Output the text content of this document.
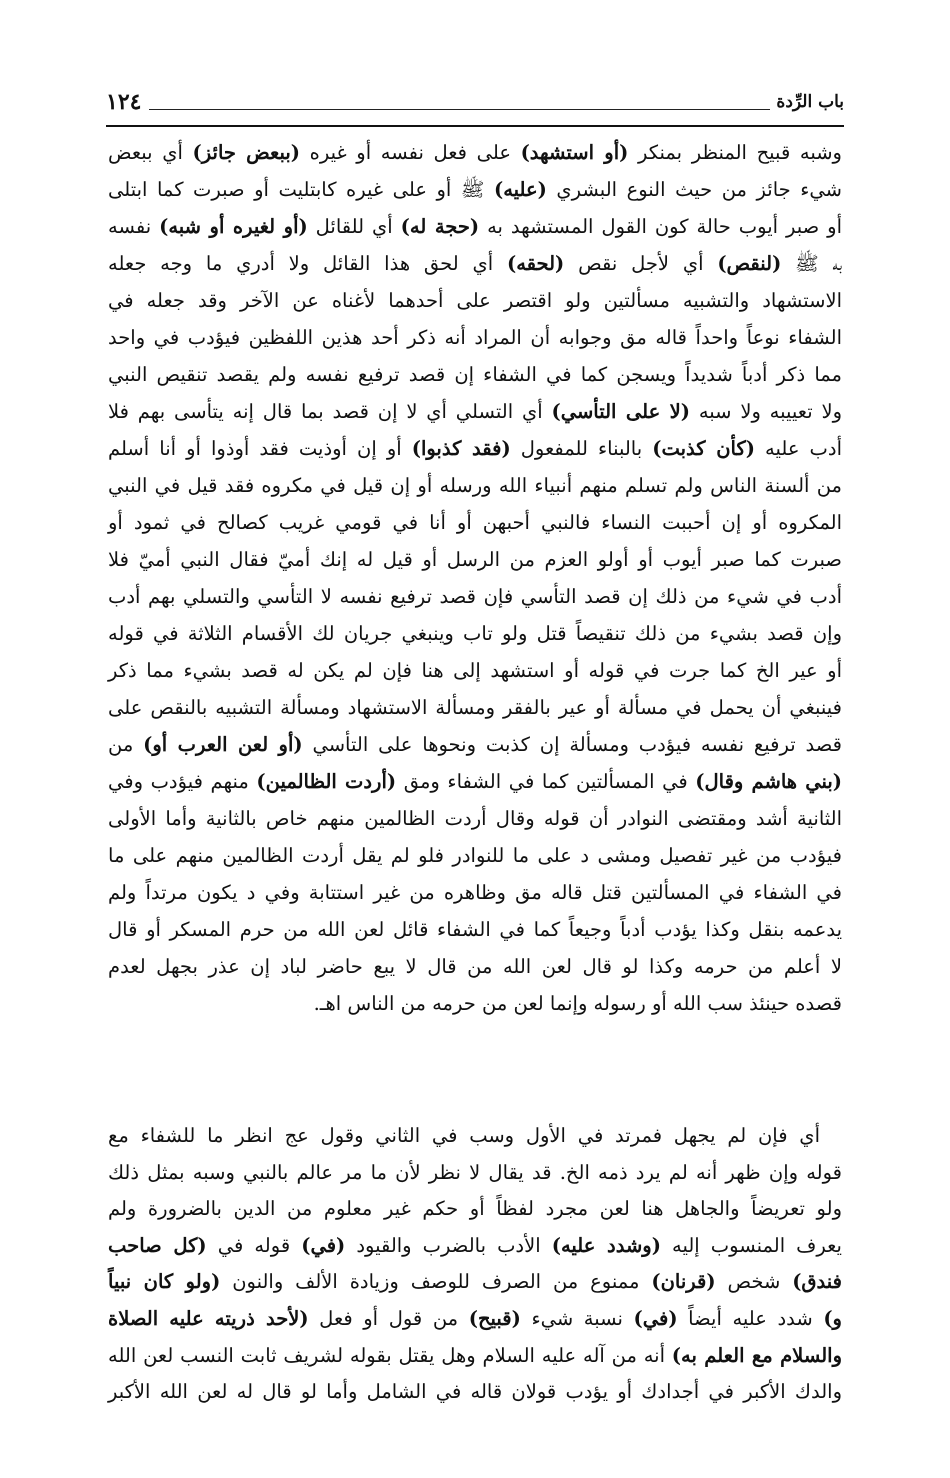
١٢٤	باب الرِّدة
وشبه قبيح المنظر بمنكر (أو استشهد) على فعل نفسه أو غيره (ببعض جائز) أي ببعض
شيء جائز من حيث النوع البشري (عليه) ﷺ أو على غيره كابتليت أو صبرت كما ابتلى
أو صبر أيوب حالة كون القول المستشهد به (حجة له) أي للقائل (أو لغيره أو شبه) نفسه
به ﷺ (لنقص) أي لأجل نقص (لحقه) أي لحق هذا القائل ولا أدري ما وجه جعله
الاستشهاد والتشبيه مسألتين ولو اقتصر على أحدهما لأغناه عن الآخر وقد جعله في
الشفاء نوعاً واحداً قاله مق وجوابه أن المراد أنه ذكر أحد هذين اللفظين فيؤدب في واحد
مما ذكر أدباً شديداً ويسجن كما في الشفاء إن قصد ترفيع نفسه ولم يقصد تنقيص النبي
ولا تعييبه ولا سبه (لا على التأسي) أي التسلي أي لا إن قصد بما قال إنه يتأسى بهم فلا
أدب عليه (كأن كذبت) بالبناء للمفعول (فقد كذبوا) أو إن أوذيت فقد أوذوا أو أنا أسلم
من ألسنة الناس ولم تسلم منهم أنبياء الله ورسله أو إن قيل في مكروه فقد قيل في النبي
المكروه أو إن أحببت النساء فالنبي أحبهن أو أنا في قومي غريب كصالح في ثمود أو
صبرت كما صبر أيوب أو أولو العزم من الرسل أو قيل له إنك أميّ فقال النبي أميّ فلا
أدب في شيء من ذلك إن قصد التأسي فإن قصد ترفيع نفسه لا التأسي والتسلي بهم أدب
وإن قصد بشيء من ذلك تنقيصاً قتل ولو تاب وينبغي جريان لك الأقسام الثلاثة في قوله
أو عير الخ كما جرت في قوله أو استشهد إلى هنا فإن لم يكن له قصد بشيء مما ذكر
فينبغي أن يحمل في مسألة أو عير بالفقر ومسألة الاستشهاد ومسألة التشبيه بالنقص على
قصد ترفيع نفسه فيؤدب ومسألة إن كذبت ونحوها على التأسي (أو لعن العرب أو) من
(بني هاشم وقال) في المسألتين كما في الشفاء ومق (أردت الظالمين) منهم فيؤدب وفي
الثانية أشد ومقتضى النوادر أن قوله وقال أردت الظالمين منهم خاص بالثانية وأما الأولى
فيؤدب من غير تفصيل ومشى د على ما للنوادر فلو لم يقل أردت الظالمين منهم على ما
في الشفاء في المسألتين قتل قاله مق وظاهره من غير استتابة وفي د يكون مرتداً ولم
يدعمه بنقل وكذا يؤدب أدباً وجيعاً كما في الشفاء قائل لعن الله من حرم المسكر أو قال
لا أعلم من حرمه وكذا لو قال لعن الله من قال لا يبع حاضر لباد إن عذر بجهل لعدم
قصده حينئذ سب الله أو رسوله وإنما لعن من حرمه من الناس اهـ.
أي فإن لم يجهل فمرتد في الأول وسب في الثاني وقول عج انظر ما للشفاء مع
قوله وإن ظهر أنه لم يرد ذمه الخ. قد يقال لا نظر لأن ما مر عالم بالنبي وسبه بمثل ذلك
ولو تعريضاً والجاهل هنا لعن مجرد لفظاً أو حكم غير معلوم من الدين بالضرورة ولم
يعرف المنسوب إليه (وشدد عليه) الأدب بالضرب والقيود (في) قوله في (كل صاحب
فندق) شخص (قرنان) ممنوع من الصرف للوصف وزيادة الألف والنون (ولو كان نبياً
و) شدد عليه أيضاً (في) نسبة شيء (قبيح) من قول أو فعل (لأحد ذريته عليه الصلاة
والسلام مع العلم به) أنه من آله عليه السلام وهل يقتل بقوله لشريف ثابت النسب لعن الله
والدك الأكبر في أجدادك أو يؤدب قولان قاله في الشامل وأما لو قال له لعن الله الأكبر
